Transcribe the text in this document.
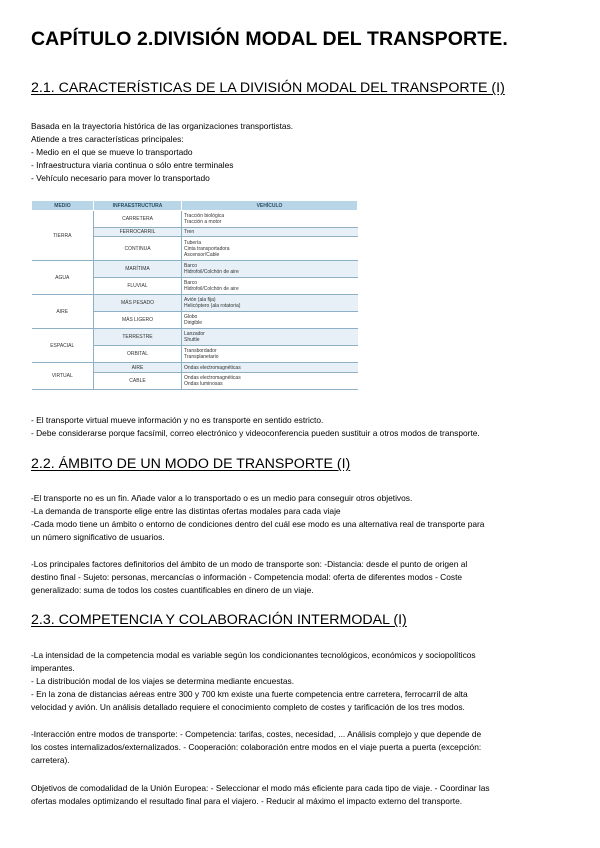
CAPÍTULO 2.DIVISIÓN MODAL DEL TRANSPORTE.
2.1. CARACTERÍSTICAS DE LA DIVISIÓN MODAL DEL TRANSPORTE (I)
Basada en la trayectoria histórica de las organizaciones transportistas.
Atiende a tres características principales:
- Medio en el que se mueve lo transportado
- Infraestructura viaria continua o sólo entre terminales
- Vehículo necesario para mover lo transportado
MEDIO	INFRAESTRUCTURA	VEHÍCULO
TIERRA	CARRETERA	Tracción biológica
Tracción a motor

	FERROCARRIL	Tren

	CONTINUA	Tubería
Cinta transportadora
Ascensor/Cable

AGUA	MARÍTIMA	Barco
Hidrofoil/Colchón de aire

	FLUVIAL	Barco
Hidrofoil/Colchón de aire

AIRE	MÁS PESADO	Avión (ala fija)
Helicóptero (ala rotatoria)

	MÁS LIGERO	Globo
Dirigible

ESPACIAL	TERRESTRE	Lanzador
Shuttle

	ORBITAL	Transbordador
Transplanetario

VIRTUAL	AIRE	Ondas electromagnéticas

	CABLE	Ondas electromagnéticas
Ondas luminosas
- El transporte virtual mueve información y no es transporte en sentido estricto.
- Debe considerarse porque facsímil, correo electrónico y videoconferencia pueden sustituir a otros modos de transporte.
2.2. ÁMBITO DE UN MODO DE TRANSPORTE (I)
-El transporte no es un fin. Añade valor a lo transportado o es un medio para conseguir otros objetivos.
-La demanda de transporte elige entre las distintas ofertas modales para cada viaje
-Cada modo tiene un ámbito o entorno de condiciones dentro del cuál ese modo es una alternativa real de transporte para
un número significativo de usuarios.
-Los principales factores definitorios del ámbito de un modo de transporte son: -Distancia: desde el punto de origen al
destino final - Sujeto: personas, mercancías o información - Competencia modal: oferta de diferentes modos - Coste
generalizado: suma de todos los costes cuantificables en dinero de un viaje.
2.3. COMPETENCIA Y COLABORACIÓN INTERMODAL (I)
-La intensidad de la competencia modal es variable según los condicionantes tecnológicos, económicos y sociopolíticos
imperantes.
- La distribución modal de los viajes se determina mediante encuestas.
- En la zona de distancias aéreas entre 300 y 700 km existe una fuerte competencia entre carretera, ferrocarril de alta
velocidad y avión. Un análisis detallado requiere el conocimiento completo de costes y tarificación de los tres modos.
-Interacción entre modos de transporte: - Competencia: tarifas, costes, necesidad, ... Análisis complejo y que depende de
los costes internalizados/externalizados. - Cooperación: colaboración entre modos en el viaje puerta a puerta (excepción:
carretera).
Objetivos de comodalidad de la Unión Europea: - Seleccionar el modo más eficiente para cada tipo de viaje. - Coordinar las
ofertas modales optimizando el resultado final para el viajero. - Reducir al máximo el impacto externo del transporte.
